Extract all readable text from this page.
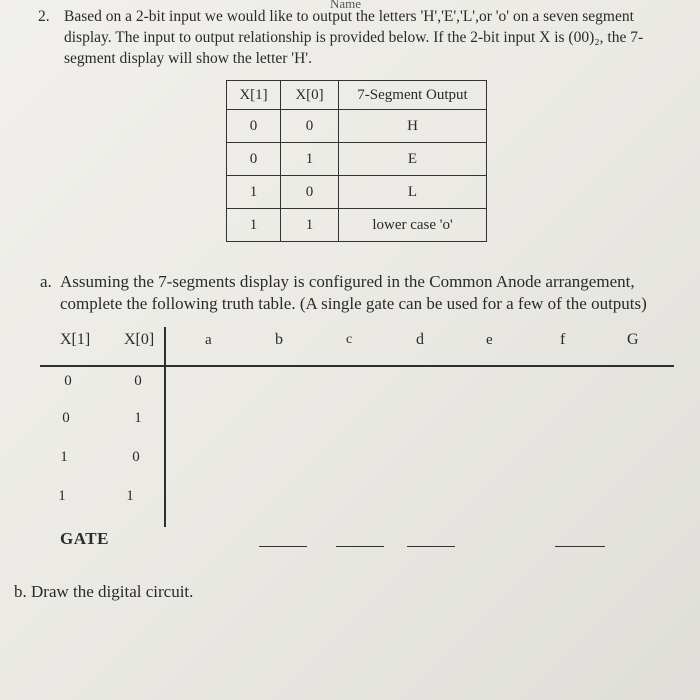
Name
2. Based on a 2-bit input we would like to output the letters 'H','E','L',or 'o' on a seven segment display. The input to output relationship is provided below. If the 2-bit input X is (00)₂, the 7-segment display will show the letter 'H'.
X[1]	X[0]	7-Segment Output
0	0	H
0	1	E
1	0	L
1	1	lower case 'o'
a. Assuming the 7-segments display is configured in the Common Anode arrangement, complete the following truth table. (A single gate can be used for a few of the outputs)
X[1] X[0]	a	b	c	d	e	f	G
0	0
0	1
1	0
1	1
GATE
b. Draw the digital circuit.
